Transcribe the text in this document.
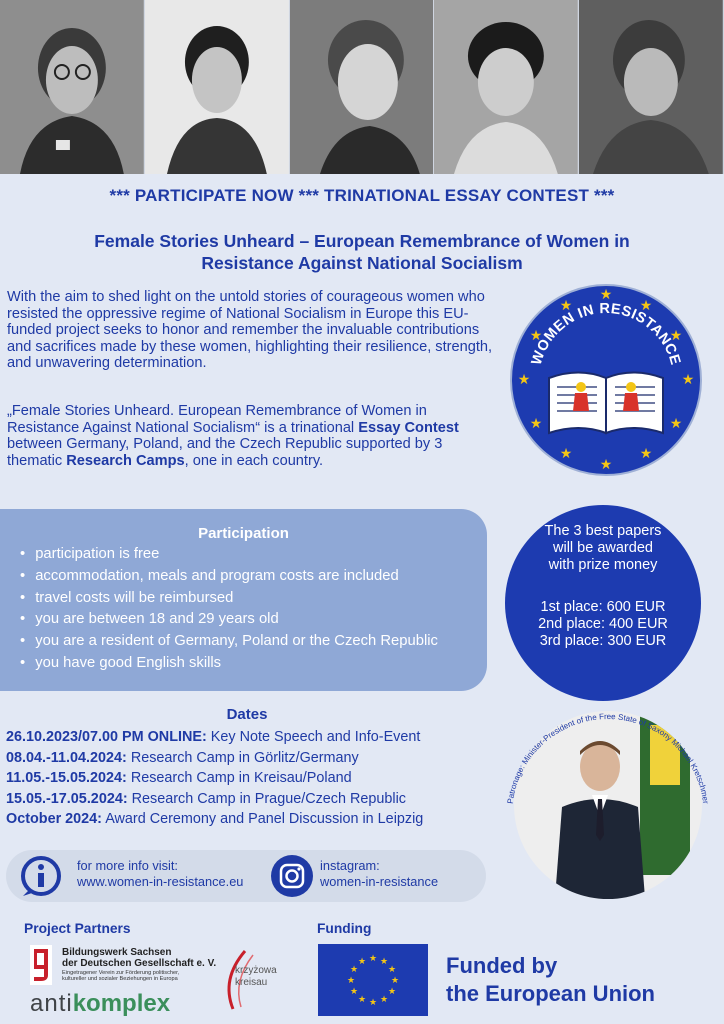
*** PARTICIPATE NOW *** TRINATIONAL ESSAY CONTEST ***
Female Stories Unheard – European Remembrance of Women in
Resistance Against National Socialism
With the aim to shed light on the untold stories of courageous women who resisted the oppressive regime of National Socialism in Europe this EU-funded project seeks to honor and remember the invaluable contributions and sacrifices made by these women, highlighting their resilience, strength, and unwavering determination.
„Female Stories Unheard. European Remembrance of Women in Resistance Against National Socialism“ is a trinational Essay Contest between Germany, Poland, and the Czech Republic supported by 3 thematic Research Camps, one in each country.
★
★
★
★
★
★
★
★
★
★
★
★
WOMEN IN RESISTANCE
Participation
• participation is free
• accommodation, meals and program costs are included
• travel costs will be reimbursed
• you are between 18 and 29 years old
• you are a resident of Germany, Poland or the Czech Republic
• you have good English skills
The 3 best papers
will be awarded
with prize money
1st place: 600 EUR
2nd place: 400 EUR
3rd place: 300 EUR
Dates
26.10.2023/07.00 PM ONLINE: Key Note Speech and Info-Event
08.04.-11.04.2024: Research Camp in Görlitz/Germany
11.05.-15.05.2024: Research Camp in Kreisau/Poland
15.05.-17.05.2024: Research Camp in Prague/Czech Republic
October 2024: Award Ceremony and Panel Discussion in Leipzig
Patronage: Minister-President of the Free State of Saxony Michael Kretschmer
for more info visit:
www.women-in-resistance.eu
instagram:
women-in-resistance
Project Partners	Funding
Bildungswerk Sachsen
der Deutschen Gesellschaft e. V.
Eingetragener Verein zur Förderung politischer,
kultureller und sozialer Beziehungen in Europa
antikomplex
krzyżowa
kreisau
★ ★
★
★
★
★
★
★
★
★
★
★	Funded by
the European Union
